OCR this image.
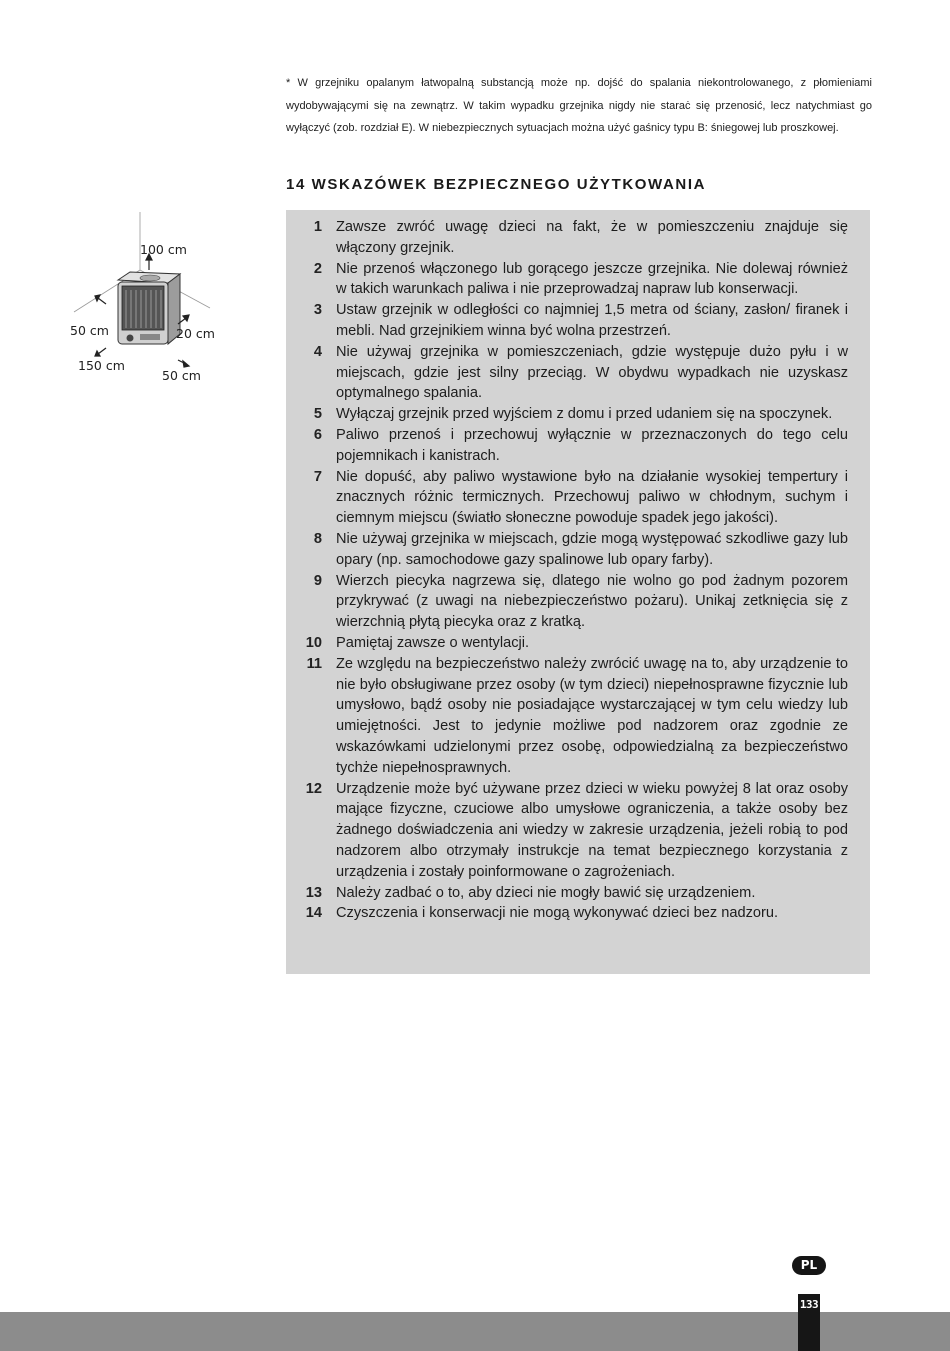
* W grzejniku opalanym łatwopalną substancją może np. dojść do spalania niekontrolowanego, z płomieniami wydobywającymi się na zewnątrz. W takim wypadku grzejnika nigdy nie staraċ się przenosić, lecz natychmiast go wyłączyć (zob. rozdział E). W niebezpiecznych sytuacjach można użyć gaśnicy typu B: śniegowej lub proszkowej.
14 WSKAZÓWEK BEZPIECZNEGO UŻYTKOWANIA
100 cm
50 cm	20 cm
150 cm
50 cm
1 Zawsze zwróć uwagę dzieci na fakt, że w pomieszczeniu znajduje się włączony grzejnik.
2 Nie przenoś włączonego lub gorącego jeszcze grzejnika. Nie dolewaj również w takich warunkach paliwa i nie przeprowadzaj napraw lub konserwacji.
3 Ustaw grzejnik w odległości co najmniej 1,5 metra od ściany, zasłon/ firanek i mebli. Nad grzejnikiem winna być wolna przestrzeń.
4 Nie używaj grzejnika w pomieszczeniach, gdzie występuje dużo pyłu i w miejscach, gdzie jest silny przeciąg. W obydwu wypadkach nie uzyskasz optymalnego spalania.
5 Wyłączaj grzejnik przed wyjściem z domu i przed udaniem się na spoczynek.
6 Paliwo przenoś i przechowuj wyłącznie w przeznaczonych do tego celu pojemnikach i kanistrach.
7 Nie dopuść, aby paliwo wystawione było na działanie wysokiej tempertury i znacznych różnic termicznych. Przechowuj paliwo w chłodnym, suchym i ciemnym miejscu (światło słoneczne powoduje spadek jego jakości).
8 Nie używaj grzejnika w miejscach, gdzie mogą występować szkodliwe gazy lub opary (np. samochodowe gazy spalinowe lub opary farby).
9 Wierzch piecyka nagrzewa się, dlatego nie wolno go pod żadnym pozorem przykrywać (z uwagi na niebezpieczeństwo pożaru). Unikaj zetknięcia się z wierzchnią płytą piecyka oraz z kratką.
10 Pamiętaj zawsze o wentylacji.
11 Ze względu na bezpieczeństwo należy zwrócić uwagę na to, aby urządzenie to nie było obsługiwane przez osoby (w tym dzieci) niepełnosprawne fizycznie lub umysłowo, bądź osoby nie posiadające wystarczającej w tym celu wiedzy lub umiejętności. Jest to jedynie możliwe pod nadzorem oraz zgodnie ze wskazówkami udzielonymi przez osobę, odpowiedzialną za bezpieczeństwo tychże niepełnosprawnych.
12 Urządzenie może być używane przez dzieci w wieku powyżej 8 lat oraz osoby mające fizyczne, czuciowe albo umysłowe ograniczenia, a także osoby bez żadnego doświadczenia ani wiedzy w zakresie urządzenia, jeżeli robią to pod nadzorem albo otrzymały instrukcje na temat bezpiecznego korzystania z urządzenia i zostały poinformowane o zagrożeniach.
13 Należy zadbać o to, aby dzieci nie mogły bawić się urządzeniem.
14 Czyszczenia i konserwacji nie mogą wykonywać dzieci bez nadzoru.
PL
133
